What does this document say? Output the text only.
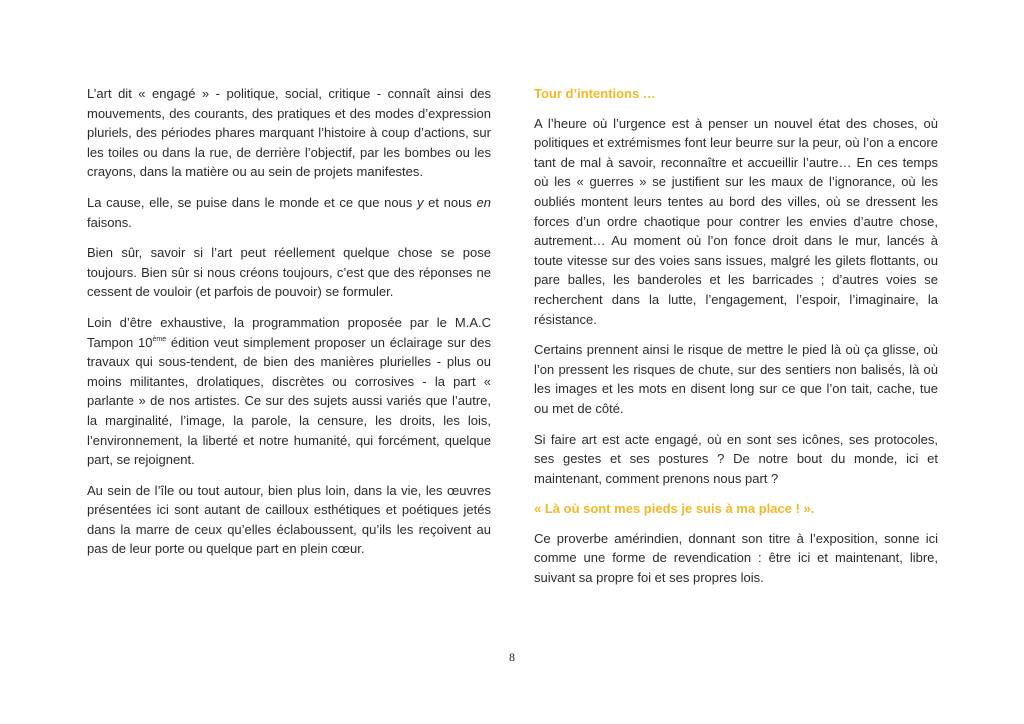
L’art dit « engagé » - politique, social, critique - connaît ainsi des mouvements, des courants, des pratiques et des modes d’expression pluriels, des périodes phares marquant l’histoire à coup d’actions, sur les toiles ou dans la rue, de derrière l’objectif, par les bombes ou les crayons, dans la matière ou au sein de projets manifestes.

La cause, elle, se puise dans le monde et ce que nous y et nous en faisons.

Bien sûr, savoir si l’art peut réellement quelque chose se pose toujours. Bien sûr si nous créons toujours, c’est que des réponses ne cessent de vouloir (et parfois de pouvoir) se formuler.

Loin d’être exhaustive, la programmation proposée par le M.A.C Tampon 10ème édition veut simplement proposer un éclairage sur des travaux qui sous-tendent, de bien des manières plurielles - plus ou moins militantes, drolatiques, discrètes ou corrosives - la part « parlante » de nos artistes. Ce sur des sujets aussi variés que l’autre, la marginalité, l’image, la parole, la censure, les droits, les lois, l’environnement, la liberté et notre humanité, qui forcément, quelque part, se rejoignent.

Au sein de l’île ou tout autour, bien plus loin, dans la vie, les œuvres présentées ici sont autant de cailloux esthétiques et poétiques jetés dans la marre de ceux qu’elles éclaboussent, qu’ils les reçoivent au pas de leur porte ou quelque part en plein cœur.

Tour d’intentions …

A l’heure où l’urgence est à penser un nouvel état des choses, où politiques et extrémismes font leur beurre sur la peur, où l’on a encore tant de mal à savoir, reconnaître et accueillir l’autre… En ces temps où les « guerres » se justifient sur les maux de l’ignorance, où les oubliés montent leurs tentes au bord des villes, où se dressent les forces d’un ordre chaotique pour contrer les envies d’autre chose, autrement… Au moment où l’on fonce droit dans le mur, lancés à toute vitesse sur des voies sans issues, malgré les gilets flottants, ou pare balles, les banderoles et les barricades ; d’autres voies se recherchent dans la lutte, l’engagement, l’espoir, l’imaginaire, la résistance.

Certains prennent ainsi le risque de mettre le pied là où ça glisse, où l’on pressent les risques de chute, sur des sentiers non balisés, là où les images et les mots en disent long sur ce que l’on tait, cache, tue ou met de côté.

Si faire art est acte engagé, où en sont ses icônes, ses protocoles, ses gestes et ses postures ? De notre bout du monde, ici et maintenant, comment prenons nous part ?

« Là où sont mes pieds je suis à ma place ! ».

Ce proverbe amérindien, donnant son titre à l’exposition, sonne ici comme une forme de revendication : être ici et maintenant, libre, suivant sa propre foi et ses propres lois.

8
